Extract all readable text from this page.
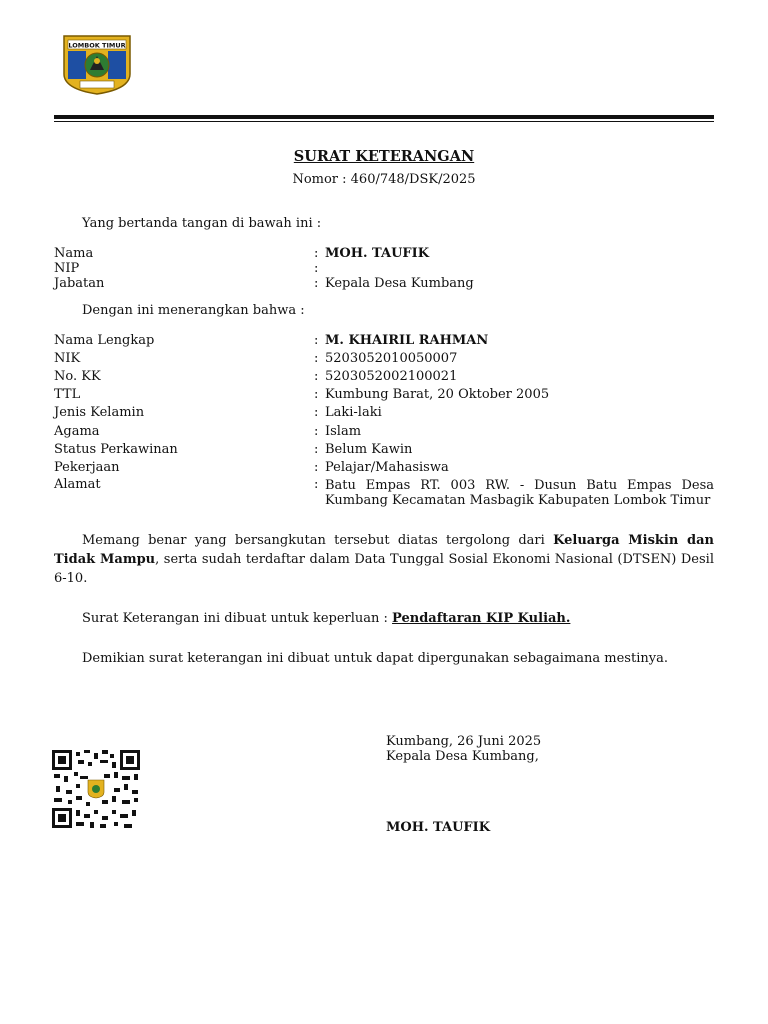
LOMBOK TIMUR
SURAT KETERANGAN
Nomor : 460/748/DSK/2025
Yang bertanda tangan di bawah ini :
Nama	: MOH. TAUFIK
NIP	:
Jabatan	: Kepala Desa Kumbang
Dengan ini menerangkan bahwa :
Nama Lengkap	: M. KHAIRIL RAHMAN
NIK	: 5203052010050007
No. KK	: 5203052002100021
TTL	: Kumbung Barat, 20 Oktober 2005
Jenis Kelamin	: Laki-laki
Agama	: Islam
Status Perkawinan	: Belum Kawin
Pekerjaan	: Pelajar/Mahasiswa
Alamat	: Batu Empas RT. 003 RW. - Dusun Batu Empas Desa Kumbang Kecamatan Masbagik Kabupaten Lombok Timur
Memang benar yang bersangkutan tersebut diatas tergolong dari Keluarga Miskin dan Tidak Mampu, serta sudah terdaftar dalam Data Tunggal Sosial Ekonomi Nasional (DTSEN) Desil 6-10.
Surat Keterangan ini dibuat untuk keperluan : Pendaftaran KIP Kuliah.
Demikian surat keterangan ini dibuat untuk dapat dipergunakan sebagaimana mestinya.
Kumbang, 26 Juni 2025
Kepala Desa Kumbang,
MOH. TAUFIK
